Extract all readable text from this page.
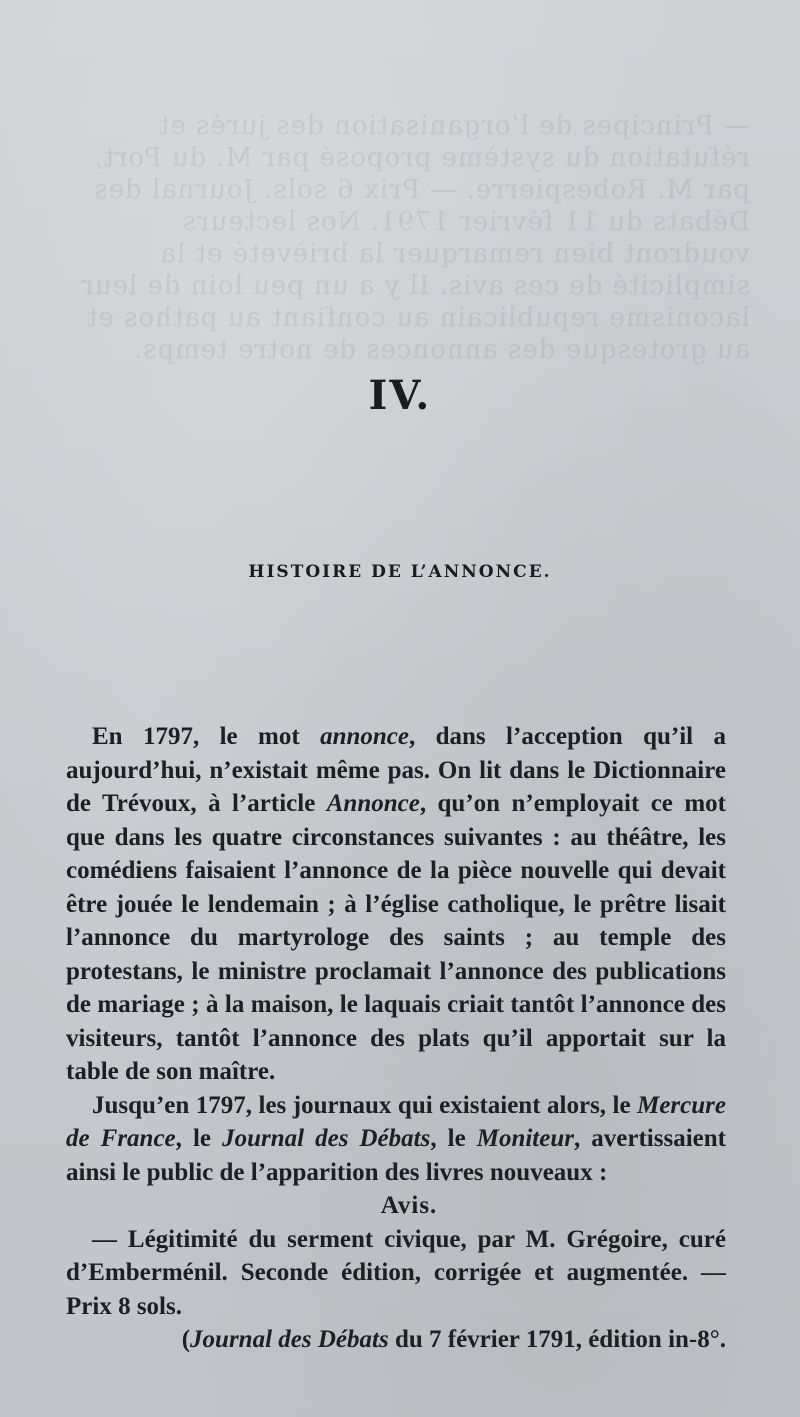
— Principes de l’organisation des jurés et réfutation du système proposé par M. du Port, par M. Robespierre. — Prix 6 sols. Journal des Débats du 11 février 1791. Nos lecteurs voudront bien remarquer la brièveté et la simplicité de ces avis. Il y a un peu loin de leur laconisme republicain au confiant au pathos et au grotesque des annonces de notre temps.
IV.
HISTOIRE DE L’ANNONCE.

En 1797, le mot annonce, dans l’acception qu’il a aujourd’hui, n’existait même pas. On lit dans le Dictionnaire de Trévoux, à l’article Annonce, qu’on n’employait ce mot que dans les quatre circonstances suivantes : au théâtre, les comédiens faisaient l’annonce de la pièce nouvelle qui devait être jouée le lendemain ; à l’église catholique, le prêtre lisait l’annonce du martyrologe des saints ; au temple des protestans, le ministre proclamait l’annonce des publications de mariage ; à la maison, le laquais criait tantôt l’annonce des visiteurs, tantôt l’annonce des plats qu’il apportait sur la table de son maître.

Jusqu’en 1797, les journaux qui existaient alors, le Mercure de France, le Journal des Débats, le Moniteur, avertissaient ainsi le public de l’apparition des livres nouveaux :

Avis.

— Légitimité du serment civique, par M. Grégoire, curé d’Emberménil. Seconde édition, corrigée et augmentée. — Prix 8 sols.

(Journal des Débats du 7 février 1791, édition in-8°.
